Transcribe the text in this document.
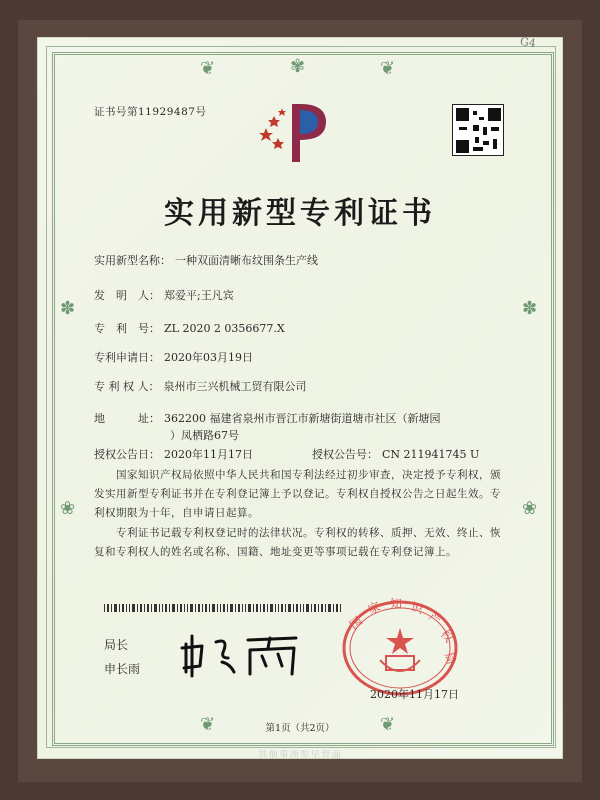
❦	✾	❦
✽	✽
❀	❀
❦	❦
G4
证书号第11929487号
实用新型专利证书
实用新型名称： 一种双面清晰布纹围条生产线
发　明　人： 郑爱平;王凡宾
专　利　号： ZL 2020 2 0356677.X
专利申请日： 2020年03月19日
专 利 权 人： 泉州市三兴机械工贸有限公司
地　　　址： 362200 福建省泉州市晋江市新塘街道塘市社区（新塘园
）凤栖路67号
授权公告日： 2020年11月17日	授权公告号： CN 211941745 U
国家知识产权局依照中华人民共和国专利法经过初步审查，决定授予专利权，颁发实用新型专利证书并在专利登记簿上予以登记。专利权自授权公告之日起生效。专利权期限为十年，自申请日起算。
专利证书记载专利权登记时的法律状况。专利权的转移、质押、无效、终止、恢复和专利权人的姓名或名称、国籍、地址变更等事项记载在专利登记簿上。
局长
申长雨
国
家 知 识
产
权
局
2020年11月17日
第1页（共2页）
其他事项参见背面
